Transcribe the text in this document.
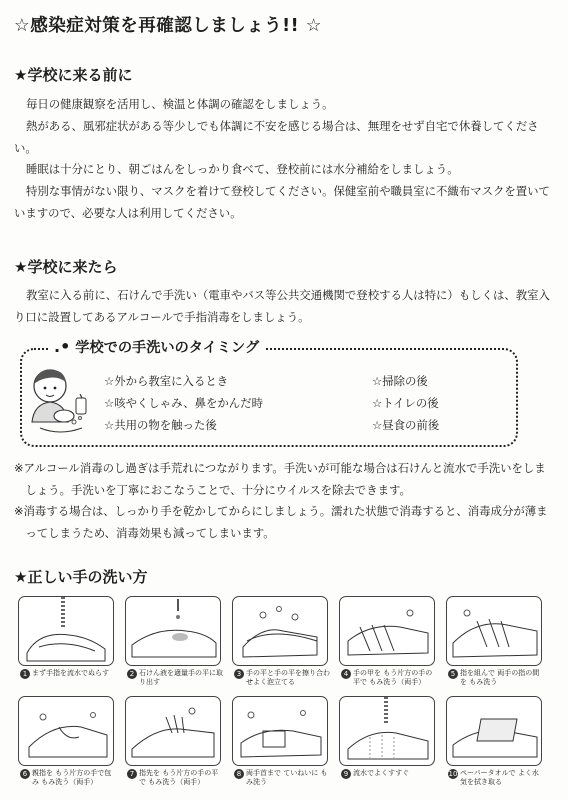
☆感染症対策を再確認しましょう!! ☆
★学校に来る前に

毎日の健康観察を活用し、検温と体調の確認をしましょう。

熱がある、風邪症状がある等少しでも体調に不安を感じる場合は、無理をせず自宅で休養してください。

睡眠は十分にとり、朝ごはんをしっかり食べて、登校前には水分補給をしましょう。

特別な事情がない限り、マスクを着けて登校してください。保健室前や職員室に不織布マスクを置いていますので、必要な人は利用してください。

★学校に来たら

教室に入る前に、石けんで手洗い（電車やバス等公共交通機関で登校する人は特に）もしくは、教室入り口に設置してあるアルコールで手指消毒をしましょう。

.• 学校での手洗いのタイミング
☆外から教室に入るとき
☆咳やくしゃみ、鼻をかんだ時
☆共用の物を触った後
☆掃除の後
☆トイレの後
☆昼食の前後

※アルコール消毒のし過ぎは手荒れにつながります。手洗いが可能な場合は石けんと流水で手洗いをしましょう。手洗いを丁寧におこなうことで、十分にウイルスを除去できます。

※消毒する場合は、しっかり手を乾かしてからにしましょう。濡れた状態で消毒すると、消毒成分が薄まってしまうため、消毒効果も減ってしまいます。

★正しい手の洗い方
1 まず手指を流水でぬらす	2 石けん液を適量手の平に取り出す
3 手の平と手の平を擦り合わせよく泡立てる
4 手の甲を もう片方の手の平で もみ洗う（両手）
5 指を組んで 両手の指の間を もみ洗う
6 親指を もう片方の手で包み もみ洗う（両手）
7 指先を もう片方の手の平で もみ洗う（両手）
8 両手首まで ていねいに もみ洗う
9 流水でよくすすぐ	10 ペーパータオルで よく水気を拭き取る
